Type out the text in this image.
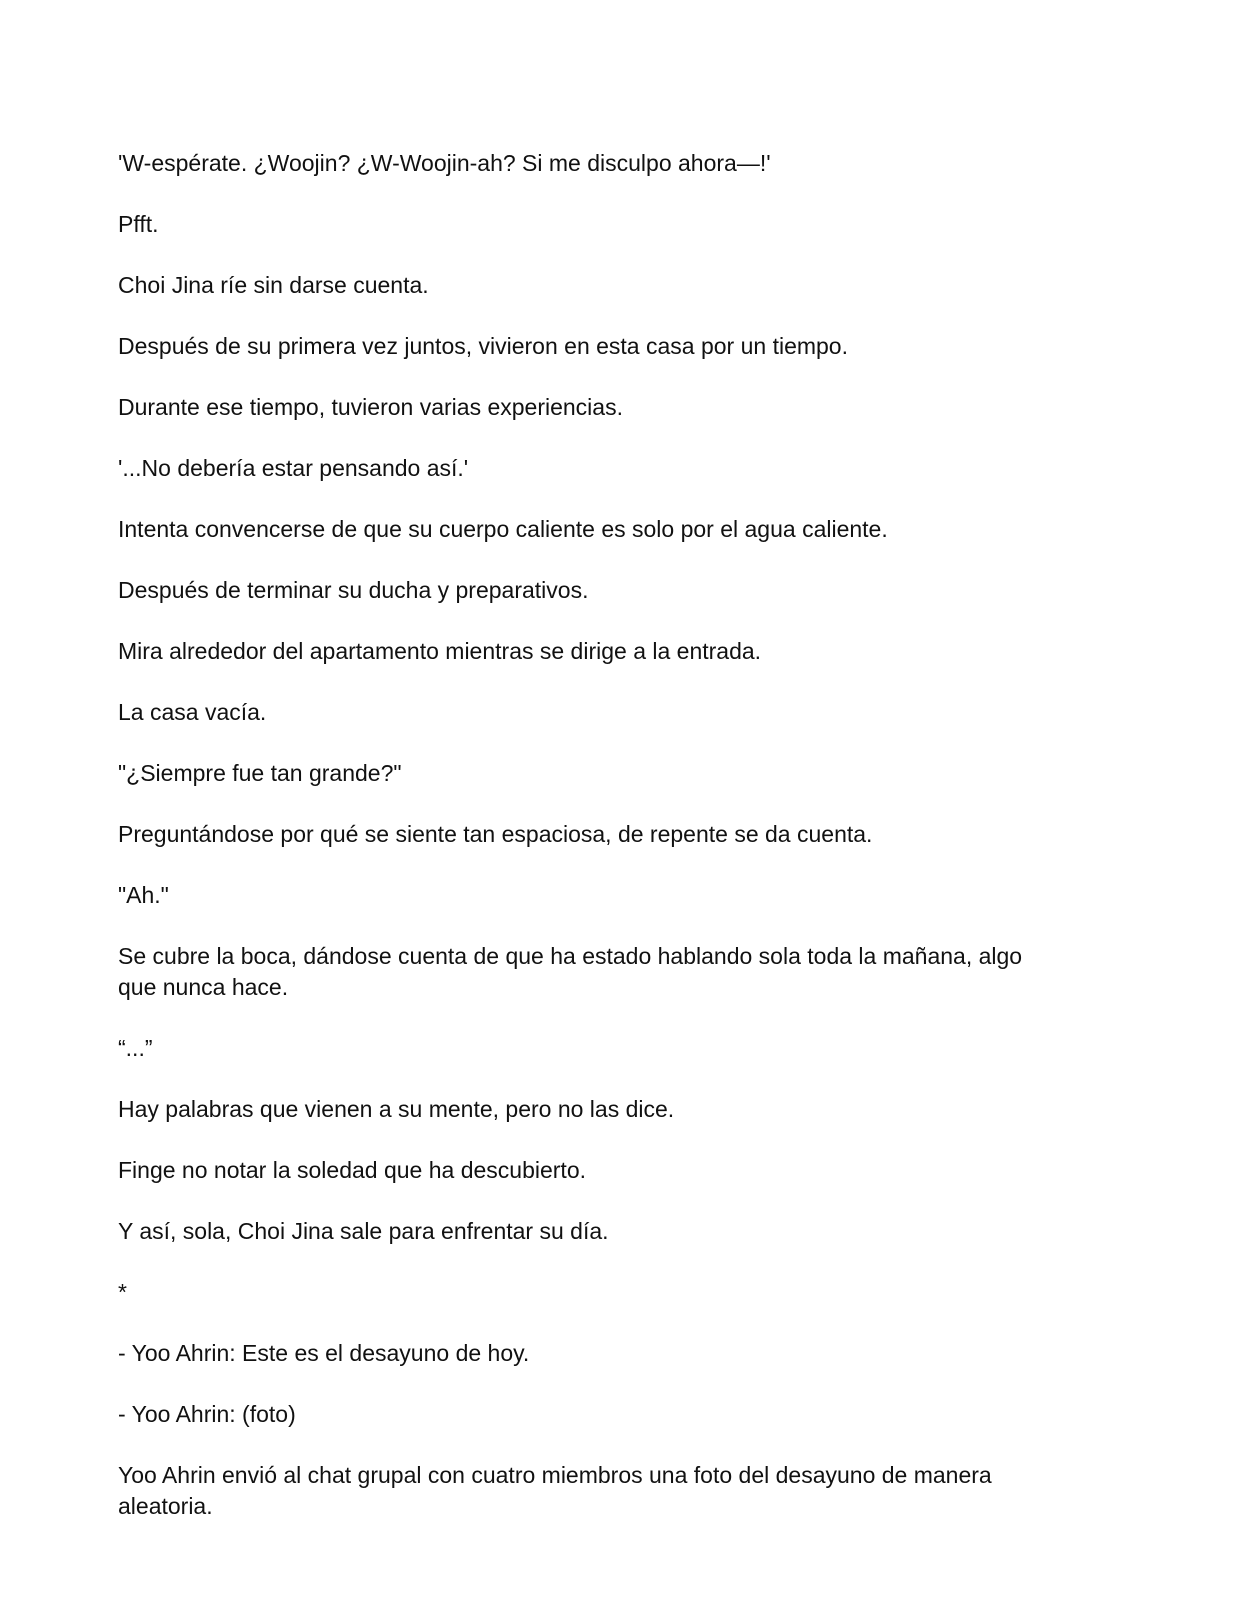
'W-espérate. ¿Woojin? ¿W-Woojin-ah? Si me disculpo ahora—!'

Pfft.

Choi Jina ríe sin darse cuenta.

Después de su primera vez juntos, vivieron en esta casa por un tiempo.

Durante ese tiempo, tuvieron varias experiencias.

'...No debería estar pensando así.'

Intenta convencerse de que su cuerpo caliente es solo por el agua caliente.

Después de terminar su ducha y preparativos.

Mira alrededor del apartamento mientras se dirige a la entrada.

La casa vacía.

"¿Siempre fue tan grande?"

Preguntándose por qué se siente tan espaciosa, de repente se da cuenta.

"Ah."

Se cubre la boca, dándose cuenta de que ha estado hablando sola toda la mañana, algo que nunca hace.

“...”

Hay palabras que vienen a su mente, pero no las dice.

Finge no notar la soledad que ha descubierto.

Y así, sola, Choi Jina sale para enfrentar su día.

*

- Yoo Ahrin: Este es el desayuno de hoy.

- Yoo Ahrin: (foto)

Yoo Ahrin envió al chat grupal con cuatro miembros una foto del desayuno de manera aleatoria.
